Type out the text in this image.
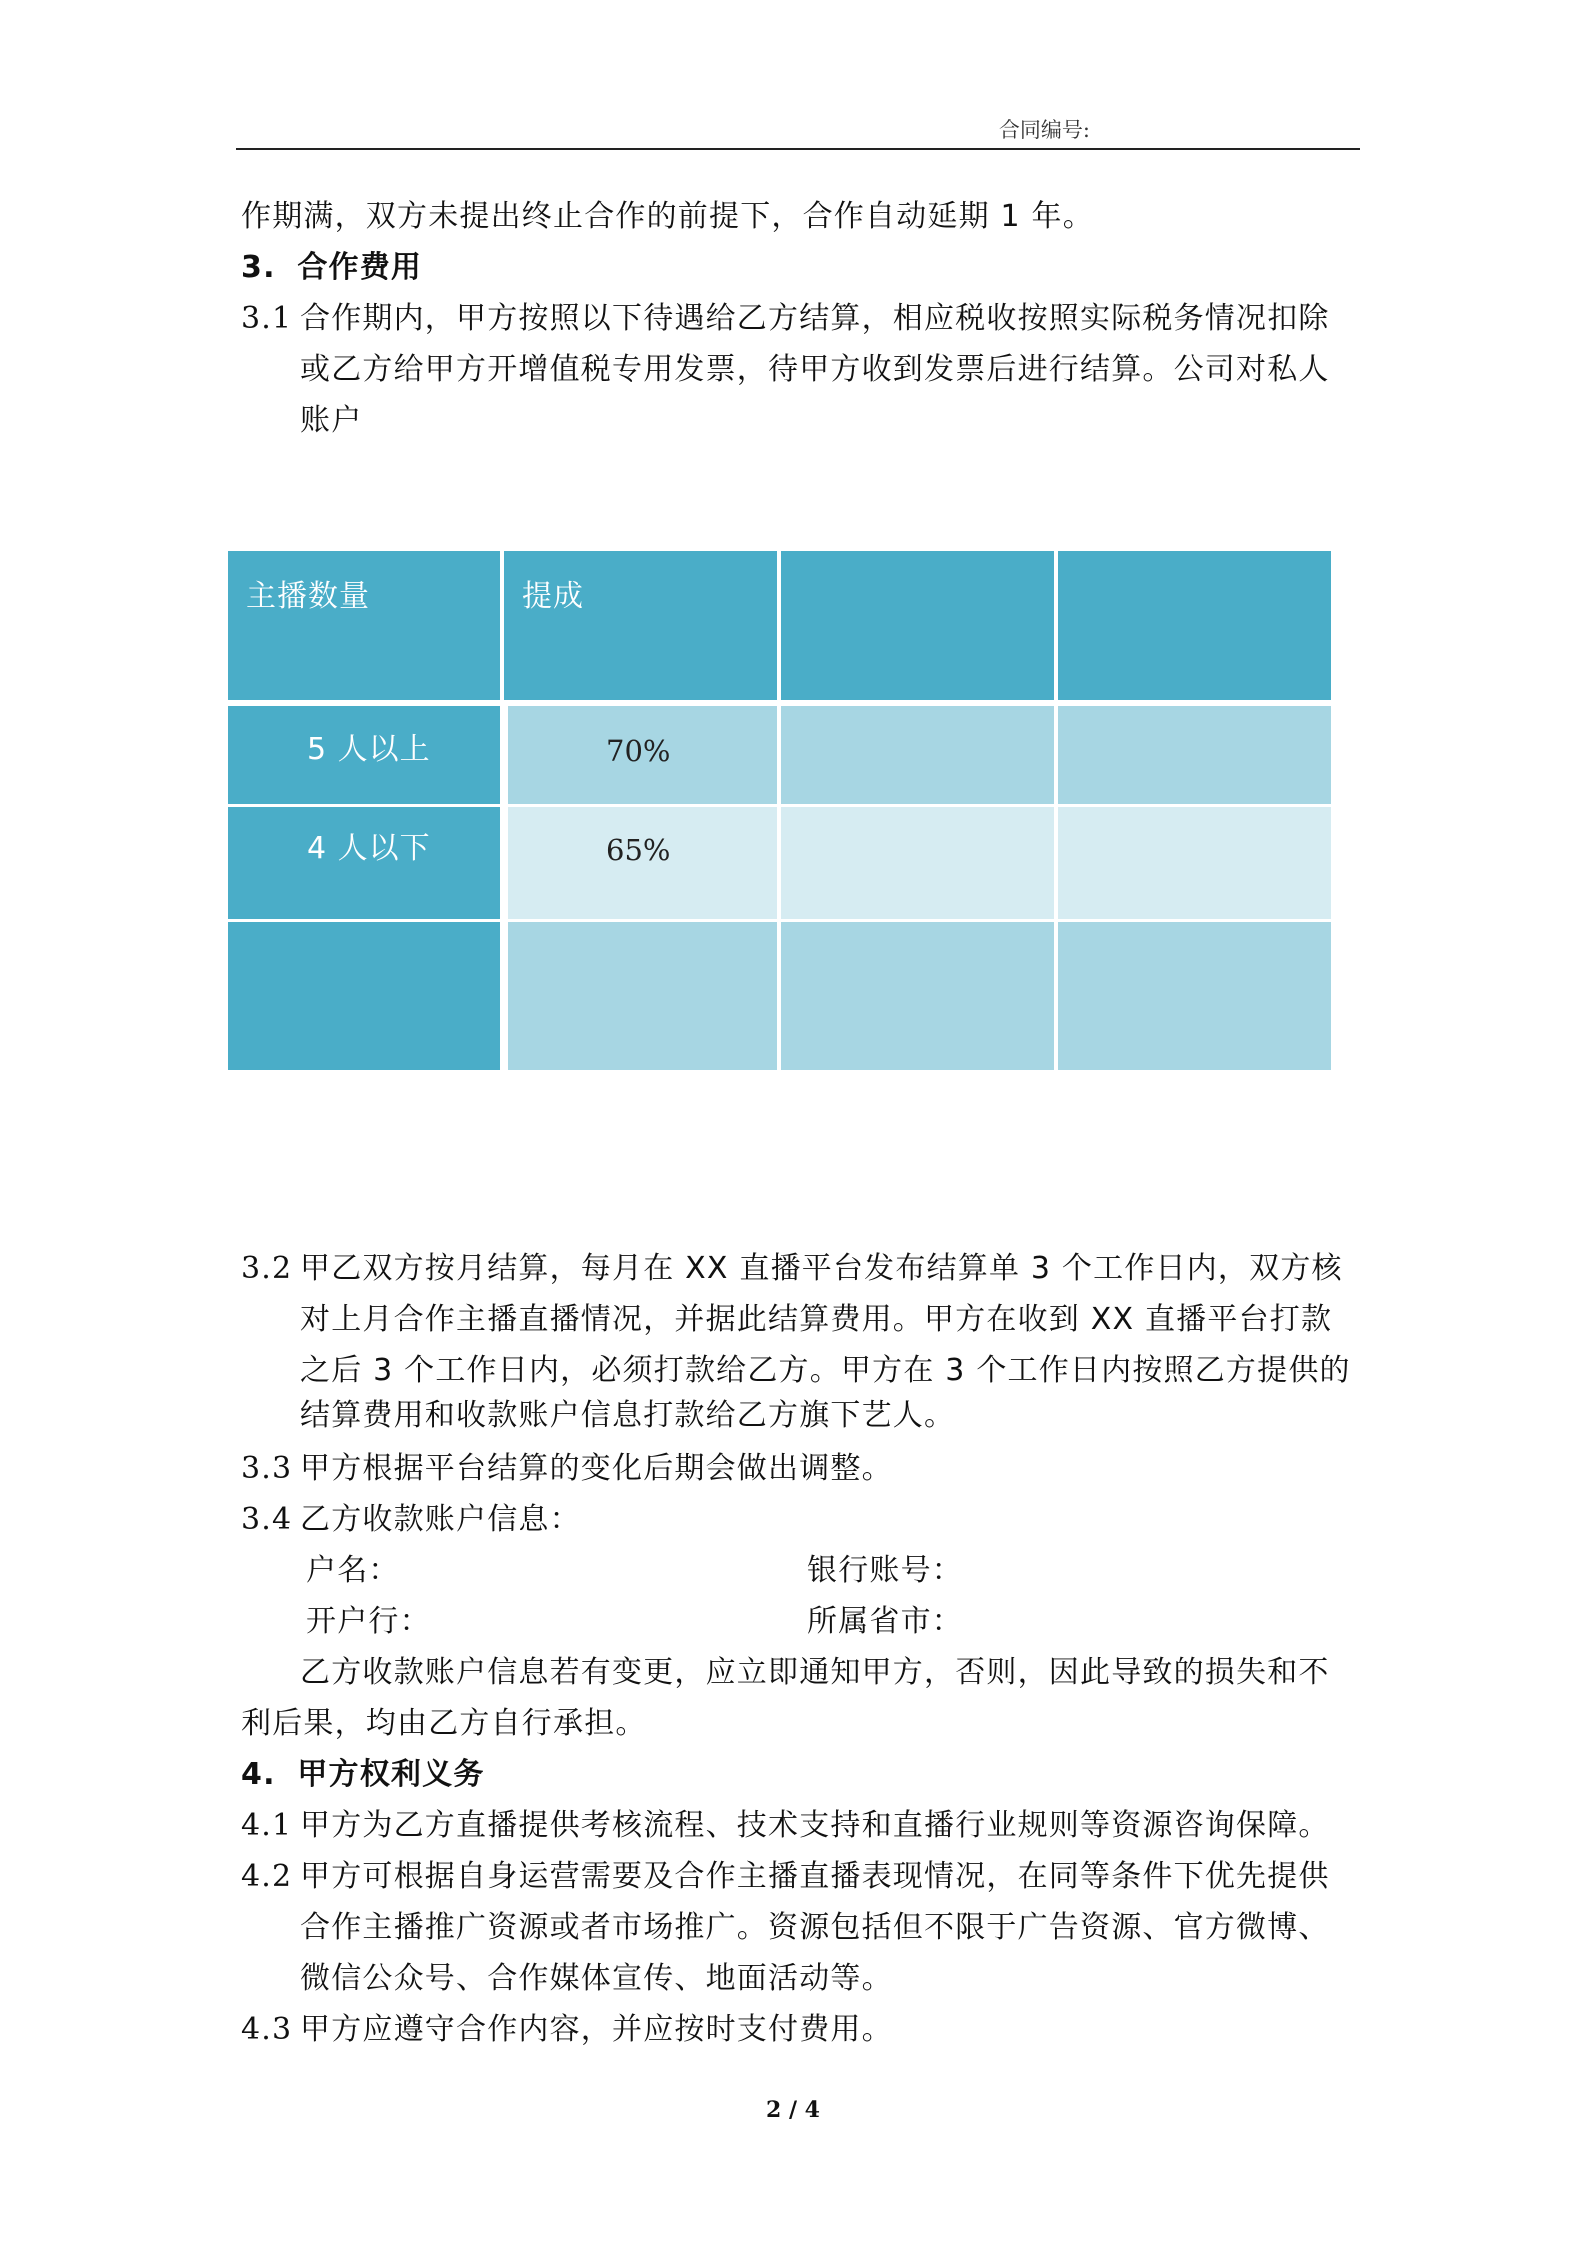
合同编号:
作期满，双方未提出终止合作的前提下，合作自动延期 1 年。
3. 合作费用
3.1 合作期内，甲方按照以下待遇给乙方结算，相应税收按照实际税务情况扣除
或乙方给甲方开增值税专用发票，待甲方收到发票后进行结算。公司对私人
账户
主播数量	提成
5 人以上	70%
4 人以下	65%
3.2 甲乙双方按月结算，每月在 XX 直播平台发布结算单 3 个工作日内，双方核
对上月合作主播直播情况，并据此结算费用。甲方在收到 XX 直播平台打款
之后 3 个工作日内，必须打款给乙方。甲方在 3 个工作日内按照乙方提供的
结算费用和收款账户信息打款给乙方旗下艺人。
3.3 甲方根据平台结算的变化后期会做出调整。
3.4 乙方收款账户信息：
户名：	银行账号：
开户行：	所属省市：
乙方收款账户信息若有变更，应立即通知甲方，否则，因此导致的损失和不
利后果，均由乙方自行承担。
4. 甲方权利义务
4.1 甲方为乙方直播提供考核流程、技术支持和直播行业规则等资源咨询保障。
4.2 甲方可根据自身运营需要及合作主播直播表现情况，在同等条件下优先提供
合作主播推广资源或者市场推广。资源包括但不限于广告资源、官方微博、
微信公众号、合作媒体宣传、地面活动等。
4.3 甲方应遵守合作内容，并应按时支付费用。
2 / 4
